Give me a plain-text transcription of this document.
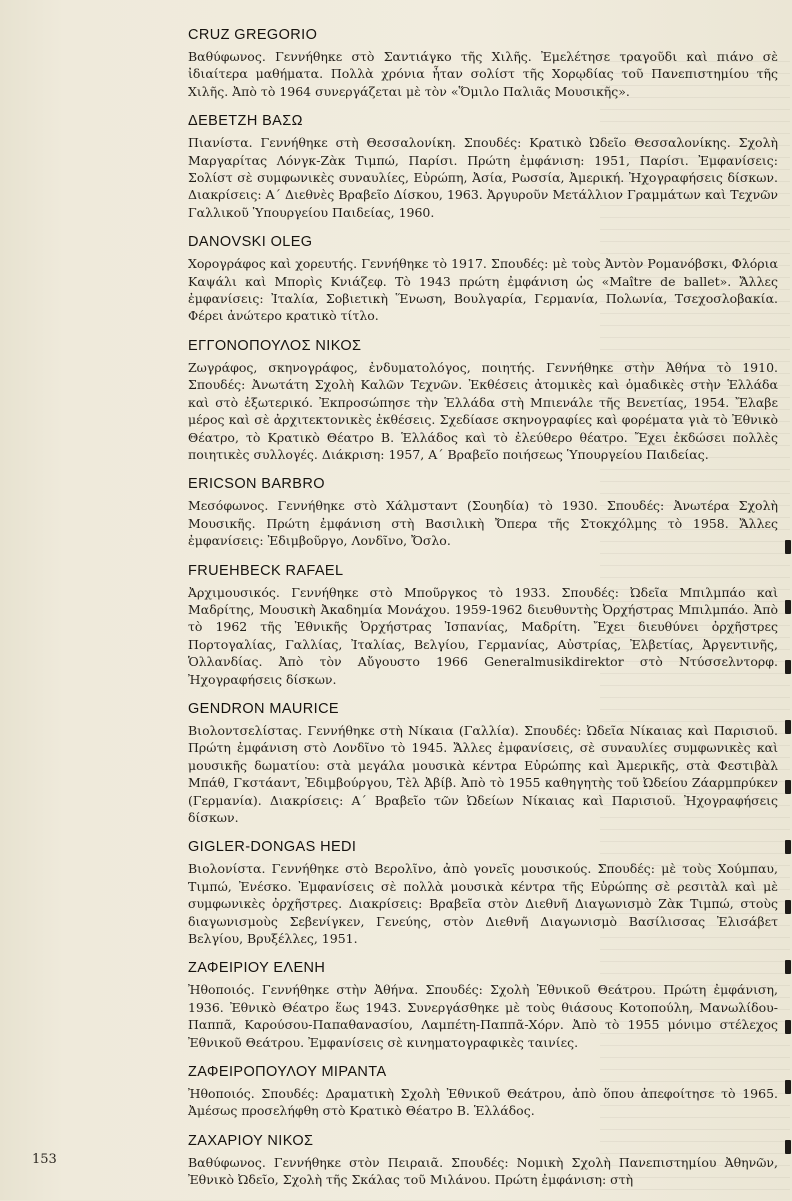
CRUZ GREGORIO

Βαθύφωνος. Γεννήθηκε στὸ Σαντιάγκο τῆς Χιλῆς. Ἐμελέτησε τραγοῦδι καὶ πιάνο σὲ ἰδιαίτερα μαθήματα. Πολλὰ χρόνια ἦταν σολίστ τῆς Χορῳδίας τοῦ Πανεπιστημίου τῆς Χιλῆς. Ἀπὸ τὸ 1964 συνεργάζεται μὲ τὸν «Ὅμιλο Παλιᾶς Μουσικῆς».

ΔΕΒΕΤΖΗ ΒΑΣΩ

Πιανίστα. Γεννήθηκε στὴ Θεσσαλονίκη. Σπουδές: Κρατικὸ Ὠδεῖο Θεσσαλονίκης. Σχολὴ Μαργαρίτας Λόνγκ-Ζὰκ Τιμπώ, Παρίσι. Πρώτη ἐμφάνιση: 1951, Παρίσι. Ἐμφανίσεις: Σολίστ σὲ συμφωνικὲς συναυλίες, Εὐρώπη, Ἀσία, Ρωσσία, Ἀμερική. Ἠχογραφήσεις δίσκων. Διακρίσεις: Α΄ Διεθνὲς Βραβεῖο Δίσκου, 1963. Ἀργυροῦν Μετάλλιον Γραμμάτων καὶ Τεχνῶν Γαλλικοῦ Ὑπουργείου Παιδείας, 1960.

DANOVSKI OLEG

Χορογράφος καὶ χορευτής. Γεννήθηκε τὸ 1917. Σπουδές: μὲ τοὺς Ἀντὸν Ρομανόβσκι, Φλόρια Καψάλι καὶ Μπορὶς Κνιάζεφ. Τὸ 1943 πρώτη ἐμφάνιση ὡς «Maître de ballet». Ἄλλες ἐμφανίσεις: Ἰταλία, Σοβιετικὴ Ἕνωση, Βουλγαρία, Γερμανία, Πολωνία, Τσεχοσλοβακία. Φέρει ἀνώτερο κρατικὸ τίτλο.

ΕΓΓΟΝΟΠΟΥΛΟΣ ΝΙΚΟΣ

Ζωγράφος, σκηνογράφος, ἐνδυματολόγος, ποιητής. Γεννήθηκε στὴν Ἀθήνα τὸ 1910. Σπουδές: Ἀνωτάτη Σχολὴ Καλῶν Τεχνῶν. Ἐκθέσεις ἀτομικὲς καὶ ὁμαδικὲς στὴν Ἑλλάδα καὶ στὸ ἐξωτερικό. Ἐκπροσώπησε τὴν Ἑλλάδα στὴ Μπιενάλε τῆς Βενετίας, 1954. Ἔλαβε μέρος καὶ σὲ ἀρχιτεκτονικὲς ἐκθέσεις. Σχεδίασε σκηνογραφίες καὶ φορέματα γιὰ τὸ Ἐθνικὸ Θέατρο, τὸ Κρατικὸ Θέατρο Β. Ἑλλάδος καὶ τὸ ἐλεύθερο θέατρο. Ἔχει ἐκδώσει πολλὲς ποιητικὲς συλλογές. Διάκριση: 1957, Α΄ Βραβεῖο ποιήσεως Ὑπουργείου Παιδείας.

ERICSON BARBRO

Μεσόφωνος. Γεννήθηκε στὸ Χάλμσταντ (Σουηδία) τὸ 1930. Σπουδές: Ἀνωτέρα Σχολὴ Μουσικῆς. Πρώτη ἐμφάνιση στὴ Βασιλικὴ Ὄπερα τῆς Στοκχόλμης τὸ 1958. Ἄλλες ἐμφανίσεις: Ἐδιμβοῦργο, Λονδῖνο, Ὄσλο.

FRUEHBECK RAFAEL

Ἀρχιμουσικός. Γεννήθηκε στὸ Μποῦργκος τὸ 1933. Σπουδές: Ὠδεῖα Μπιλμπάο καὶ Μαδρίτης, Μουσικὴ Ἀκαδημία Μονάχου. 1959-1962 διευθυντὴς Ὀρχήστρας Μπιλμπάο. Ἀπὸ τὸ 1962 τῆς Ἐθνικῆς Ὀρχήστρας Ἰσπανίας, Μαδρίτη. Ἔχει διευθύνει ὀρχῆστρες Πορτογαλίας, Γαλλίας, Ἰταλίας, Βελγίου, Γερμανίας, Αὐστρίας, Ἐλβετίας, Ἀργεντινῆς, Ὁλλανδίας. Ἀπὸ τὸν Αὔγουστο 1966 Generalmusikdirektor στὸ Ντύσσελντορφ. Ἠχογραφήσεις δίσκων.

GENDRON MAURICE

Βιολοντσελίστας. Γεννήθηκε στὴ Νίκαια (Γαλλία). Σπουδές: Ὠδεῖα Νίκαιας καὶ Παρισιοῦ. Πρώτη ἐμφάνιση στὸ Λονδῖνο τὸ 1945. Ἄλλες ἐμφανίσεις, σὲ συναυλίες συμφωνικὲς καὶ μουσικῆς δωματίου: στὰ μεγάλα μουσικὰ κέντρα Εὐρώπης καὶ Ἀμερικῆς, στὰ Φεστιβὰλ Μπάθ, Γκστάαντ, Ἐδιμβούργου, Τὲλ Ἀβίβ. Ἀπὸ τὸ 1955 καθηγητὴς τοῦ Ὠδείου Ζάαρμπρύκεν (Γερμανία). Διακρίσεις: Α΄ Βραβεῖο τῶν Ὠδείων Νίκαιας καὶ Παρισιοῦ. Ἠχογραφήσεις δίσκων.

GIGLER-DONGAS HEDI

Βιολονίστα. Γεννήθηκε στὸ Βερολῖνο, ἀπὸ γονεῖς μουσικούς. Σπουδές: μὲ τοὺς Χούμπαυ, Τιμπώ, Ἐνέσκο. Ἐμφανίσεις σὲ πολλὰ μουσικὰ κέντρα τῆς Εὐρώπης σὲ ρεσιτὰλ καὶ μὲ συμφωνικὲς ὀρχῆστρες. Διακρίσεις: Βραβεῖα στὸν Διεθνῆ Διαγωνισμὸ Ζὰκ Τιμπώ, στοὺς διαγωνισμοὺς Σεβενίγκεν, Γενεύης, στὸν Διεθνῆ Διαγωνισμὸ Βασίλισσας Ἐλισάβετ Βελγίου, Βρυξέλλες, 1951.

ΖΑΦΕΙΡΙΟΥ ΕΛΕΝΗ

Ἠθοποιός. Γεννήθηκε στὴν Ἀθήνα. Σπουδές: Σχολὴ Ἐθνικοῦ Θεάτρου. Πρώτη ἐμφάνιση, 1936. Ἐθνικὸ Θέατρο ἕως 1943. Συνεργάσθηκε μὲ τοὺς θιάσους Κοτοπούλη, Μανωλίδου-Παππᾶ, Καρούσου-Παπαθανασίου, Λαμπέτη-Παππᾶ-Χόρν. Ἀπὸ τὸ 1955 μόνιμο στέλεχος Ἐθνικοῦ Θεάτρου. Ἐμφανίσεις σὲ κινηματογραφικὲς ταινίες.

ΖΑΦΕΙΡΟΠΟΥΛΟΥ ΜΙΡΑΝΤΑ

Ἠθοποιός. Σπουδές: Δραματικὴ Σχολὴ Ἐθνικοῦ Θεάτρου, ἀπὸ ὅπου ἀπεφοίτησε τὸ 1965. Ἀμέσως προσελήφθη στὸ Κρατικὸ Θέατρο Β. Ἑλλάδος.

ΖΑΧΑΡΙΟΥ ΝΙΚΟΣ

Βαθύφωνος. Γεννήθηκε στὸν Πειραιᾶ. Σπουδές: Νομικὴ Σχολὴ Πανεπιστημίου Ἀθηνῶν, Ἐθνικὸ Ὠδεῖο, Σχολὴ τῆς Σκάλας τοῦ Μιλάνου. Πρώτη ἐμφάνιση: στὴ

153
